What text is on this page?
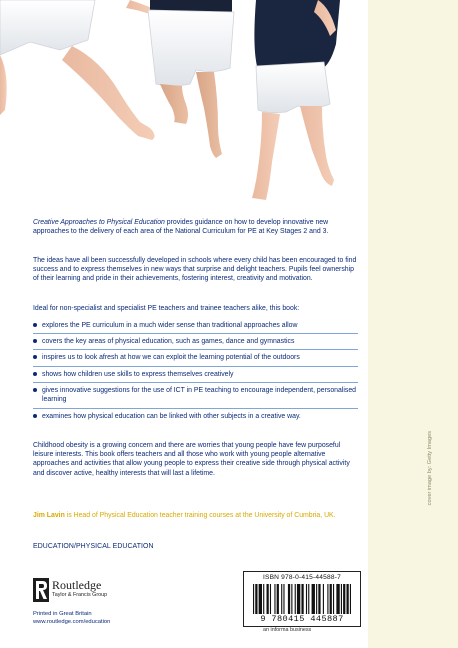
Creative Approaches to Physical Education provides guidance on how to develop innovative new approaches to the delivery of each area of the National Curriculum for PE at Key Stages 2 and 3.

The ideas have all been successfully developed in schools where every child has been encouraged to find success and to express themselves in new ways that surprise and delight teachers. Pupils feel ownership of their learning and pride in their achievements, fostering interest, creativity and motivation.

Ideal for non-specialist and specialist PE teachers and trainee teachers alike, this book:

explores the PE curriculum in a much wider sense than traditional approaches allow
covers the key areas of physical education, such as games, dance and gymnastics
inspires us to look afresh at how we can exploit the learning potential of the outdoors
shows how children use skills to express themselves creatively
gives innovative suggestions for the use of ICT in PE teaching to encourage independent, personalised learning
examines how physical education can be linked with other subjects in a creative way.

Childhood obesity is a growing concern and there are worries that young people have few purposeful leisure interests. This book offers teachers and all those who work with young people alternative approaches and activities that allow young people to express their creative side through physical activity and discover active, healthy interests that will last a lifetime.

Jim Lavin is Head of Physical Education teacher training courses at the University of Cumbria, UK.
EDUCATION/PHYSICAL EDUCATION
Routledge
Taylor & Francis Group
Printed in Great Britain
www.routledge.com/education
ISBN 978-0-415-44588-7
9 780415 445887
an informa business
cover image by: Getty Images
